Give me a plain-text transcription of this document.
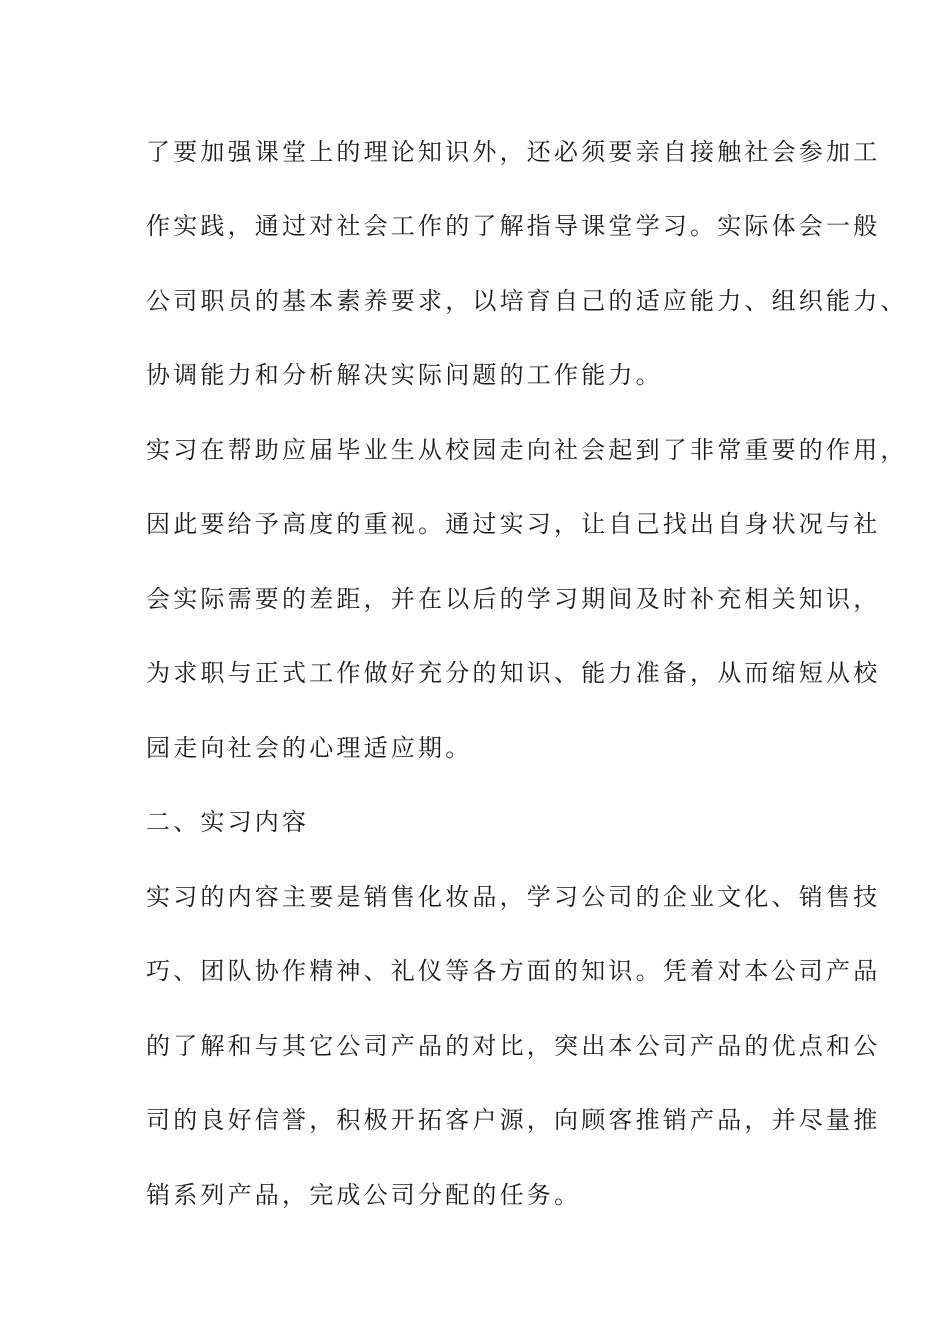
了要加强课堂上的理论知识外，还必须要亲自接触社会参加工
作实践，通过对社会工作的了解指导课堂学习。实际体会一般
公司职员的基本素养要求，以培育自己的适应能力、组织能力、
协调能力和分析解决实际问题的工作能力。
实习在帮助应届毕业生从校园走向社会起到了非常重要的作用，
因此要给予高度的重视。通过实习，让自己找出自身状况与社
会实际需要的差距，并在以后的学习期间及时补充相关知识，
为求职与正式工作做好充分的知识、能力准备，从而缩短从校
园走向社会的心理适应期。
二、实习内容
实习的内容主要是销售化妆品，学习公司的企业文化、销售技
巧、团队协作精神、礼仪等各方面的知识。凭着对本公司产品
的了解和与其它公司产品的对比，突出本公司产品的优点和公
司的良好信誉，积极开拓客户源，向顾客推销产品，并尽量推
销系列产品，完成公司分配的任务。
